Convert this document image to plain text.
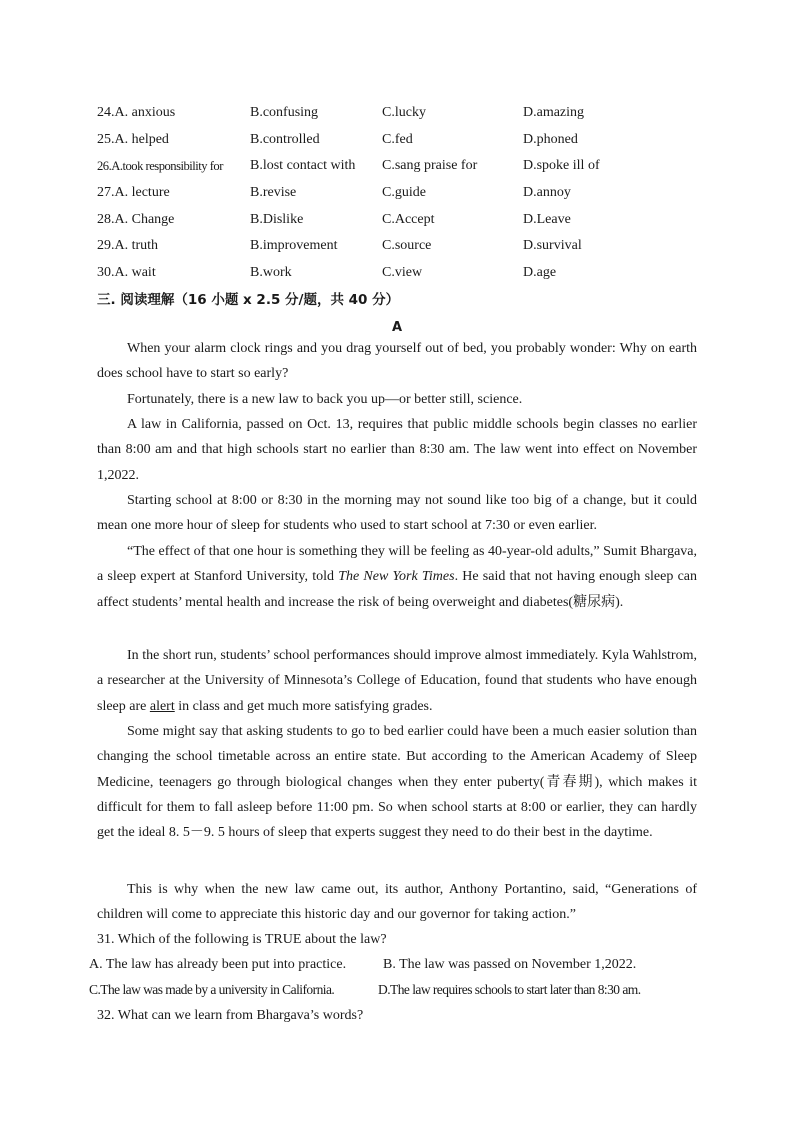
24.A. anxious	B.confusing	C.lucky	D.amazing
25.A. helped	B.controlled	C.fed	D.phoned
26.A.took responsibility for B.lost contact with C.sang praise for	D.spoke ill of
27.A. lecture	B.revise	C.guide	D.annoy
28.A. Change	B.Dislike	C.Accept	D.Leave
29.A. truth	B.improvement	C.source	D.survival
30.A. wait	B.work	C.view	D.age
三. 阅读理解（16 小题 x 2.5 分/题，共 40 分）
A
When your alarm clock rings and you drag yourself out of bed, you probably wonder: Why on earth does school have to start so early?
Fortunately, there is a new law to back you up—or better still, science.
A law in California, passed on Oct. 13, requires that public middle schools begin classes no earlier than 8:00 am and that high schools start no earlier than 8:30 am. The law went into effect on November 1,2022.
Starting school at 8:00 or 8:30 in the morning may not sound like too big of a change, but it could mean one more hour of sleep for students who used to start school at 7:30 or even earlier.
“The effect of that one hour is something they will be feeling as 40-year-old adults,” Sumit Bhargava, a sleep expert at Stanford University, told The New York Times. He said that not having enough sleep can affect students’ mental health and increase the risk of being overweight and diabetes(糖尿病).
In the short run, students’ school performances should improve almost immediately. Kyla Wahlstrom, a researcher at the University of Minnesota’s College of Education, found that students who have enough sleep are alert in class and get much more satisfying grades.
Some might say that asking students to go to bed earlier could have been a much easier solution than changing the school timetable across an entire state. But according to the American Academy of Sleep Medicine, teenagers go through biological changes when they enter puberty(青春期), which makes it difficult for them to fall asleep before 11:00 pm. So when school starts at 8:00 or earlier, they can hardly get the ideal 8. 5－9. 5 hours of sleep that experts suggest they need to do their best in the daytime.
This is why when the new law came out, its author, Anthony Portantino, said, “Generations of children will come to appreciate this historic day and our governor for taking action.”
31. Which of the following is TRUE about the law?
A. The law has already been put into practice.	B. The law was passed on November 1,2022.
C.The law was made by a university in California.	D.The law requires schools to start later than 8:30 am.
32. What can we learn from Bhargava’s words?
